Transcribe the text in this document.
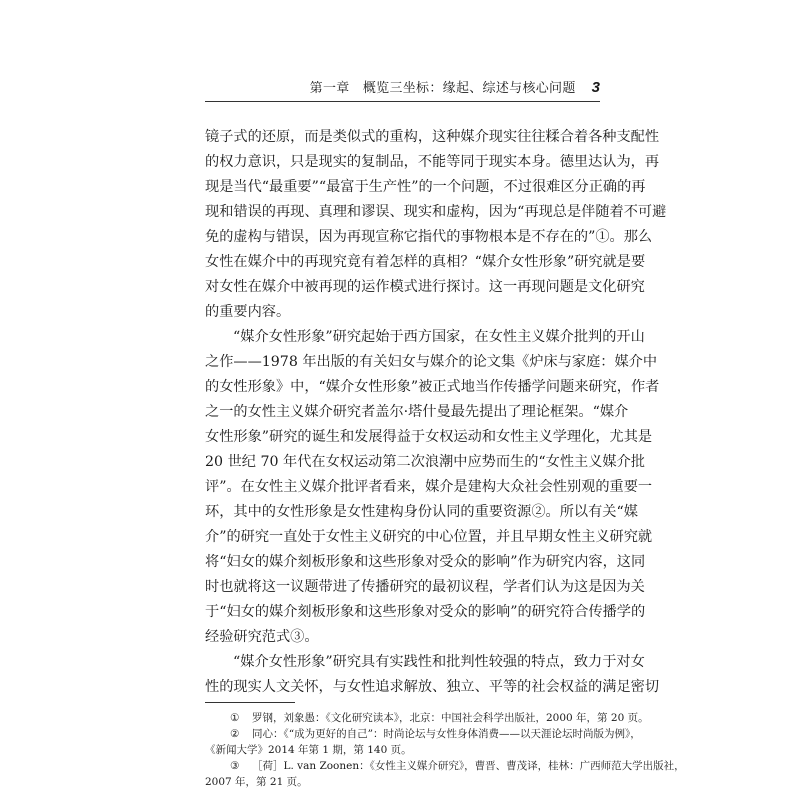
第一章　概览三坐标：缘起、综述与核心问题 3
镜子式的还原，而是类似式的重构，这种媒介现实往往糅合着各种支配性
的权力意识，只是现实的复制品，不能等同于现实本身。德里达认为，再
现是当代“最重要”“最富于生产性”的一个问题，不过很难区分正确的再
现和错误的再现、真理和谬误、现实和虚构，因为“再现总是伴随着不可避
免的虚构与错误，因为再现宣称它指代的事物根本是不存在的”①。那么
女性在媒介中的再现究竟有着怎样的真相？“媒介女性形象”研究就是要
对女性在媒介中被再现的运作模式进行探讨。这一再现问题是文化研究
的重要内容。
“媒介女性形象”研究起始于西方国家，在女性主义媒介批判的开山
之作——1978 年出版的有关妇女与媒介的论文集《炉床与家庭：媒介中
的女性形象》中，“媒介女性形象”被正式地当作传播学问题来研究，作者
之一的女性主义媒介研究者盖尔·塔什曼最先提出了理论框架。“媒介
女性形象”研究的诞生和发展得益于女权运动和女性主义学理化，尤其是
20 世纪 70 年代在女权运动第二次浪潮中应势而生的“女性主义媒介批
评”。在女性主义媒介批评者看来，媒介是建构大众社会性别观的重要一
环，其中的女性形象是女性建构身份认同的重要资源②。所以有关“媒
介”的研究一直处于女性主义研究的中心位置，并且早期女性主义研究就
将“妇女的媒介刻板形象和这些形象对受众的影响”作为研究内容，这同
时也就将这一议题带进了传播研究的最初议程，学者们认为这是因为关
于“妇女的媒介刻板形象和这些形象对受众的影响”的研究符合传播学的
经验研究范式③。
“媒介女性形象”研究具有实践性和批判性较强的特点，致力于对女
性的现实人文关怀，与女性追求解放、独立、平等的社会权益的满足密切
① 罗钢，刘象愚：《文化研究读本》，北京：中国社会科学出版社，2000 年，第 20 页。
② 同心：《“成为更好的自己”：时尚论坛与女性身体消费——以天涯论坛时尚版为例》，
《新闻大学》2014 年第 1 期，第 140 页。
③ ［荷］L. van Zoonen：《女性主义媒介研究》，曹晋、曹茂译，桂林：广西师范大学出版社，
2007 年，第 21 页。
